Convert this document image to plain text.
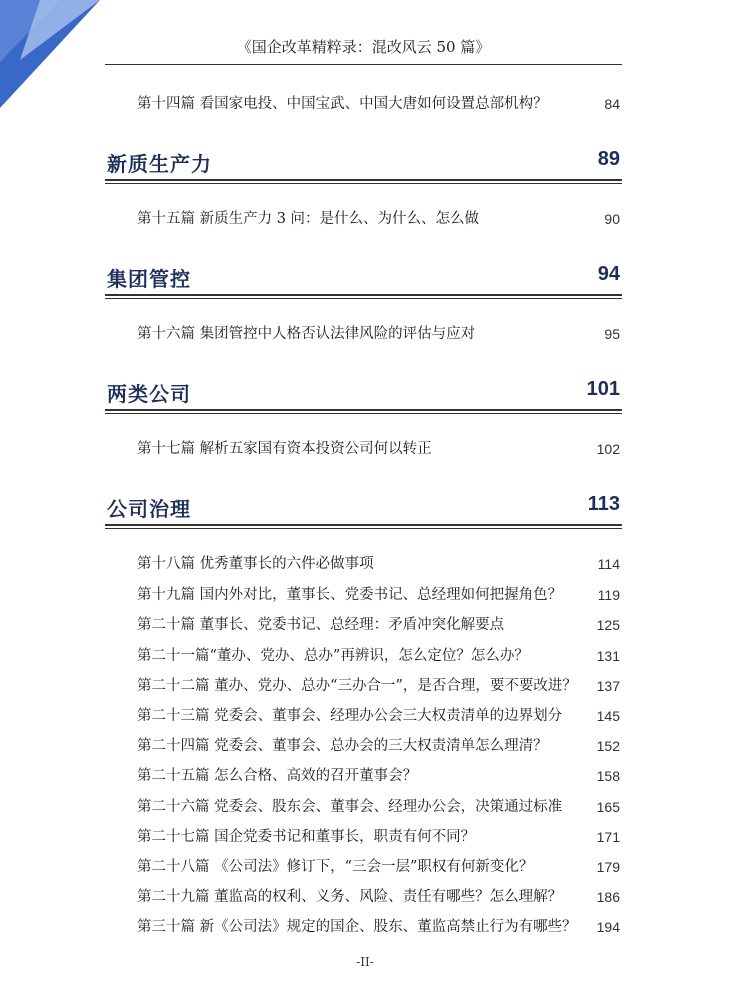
《国企改革精粹录：混改风云 50 篇》
第十四篇 看国家电投、中国宝武、中国大唐如何设置总部机构？	84
新质生产力	89
第十五篇 新质生产力 3 问：是什么、为什么、怎么做	90
集团管控	94
第十六篇 集团管控中人格否认法律风险的评估与应对	95
两类公司	101
第十七篇 解析五家国有资本投资公司何以转正	102
公司治理	113
第十八篇 优秀董事长的六件必做事项	114
第十九篇 国内外对比，董事长、党委书记、总经理如何把握角色？	119
第二十篇 董事长、党委书记、总经理：矛盾冲突化解要点	125
第二十一篇“董办、党办、总办”再辨识，怎么定位？怎么办？	131
第二十二篇 董办、党办、总办“三办合一”，是否合理，要不要改进？ 137
第二十三篇 党委会、董事会、经理办公会三大权责清单的边界划分 145
第二十四篇 党委会、董事会、总办会的三大权责清单怎么理清？	152
第二十五篇 怎么合格、高效的召开董事会？	158
第二十六篇 党委会、股东会、董事会、经理办公会，决策通过标准 165
第二十七篇 国企党委书记和董事长，职责有何不同？	171
第二十八篇 《公司法》修订下，“三会一层”职权有何新变化？	179
第二十九篇 董监高的权利、义务、风险、责任有哪些？怎么理解？ 186
第三十篇 新《公司法》规定的国企、股东、董监高禁止行为有哪些？ 194
-II-
